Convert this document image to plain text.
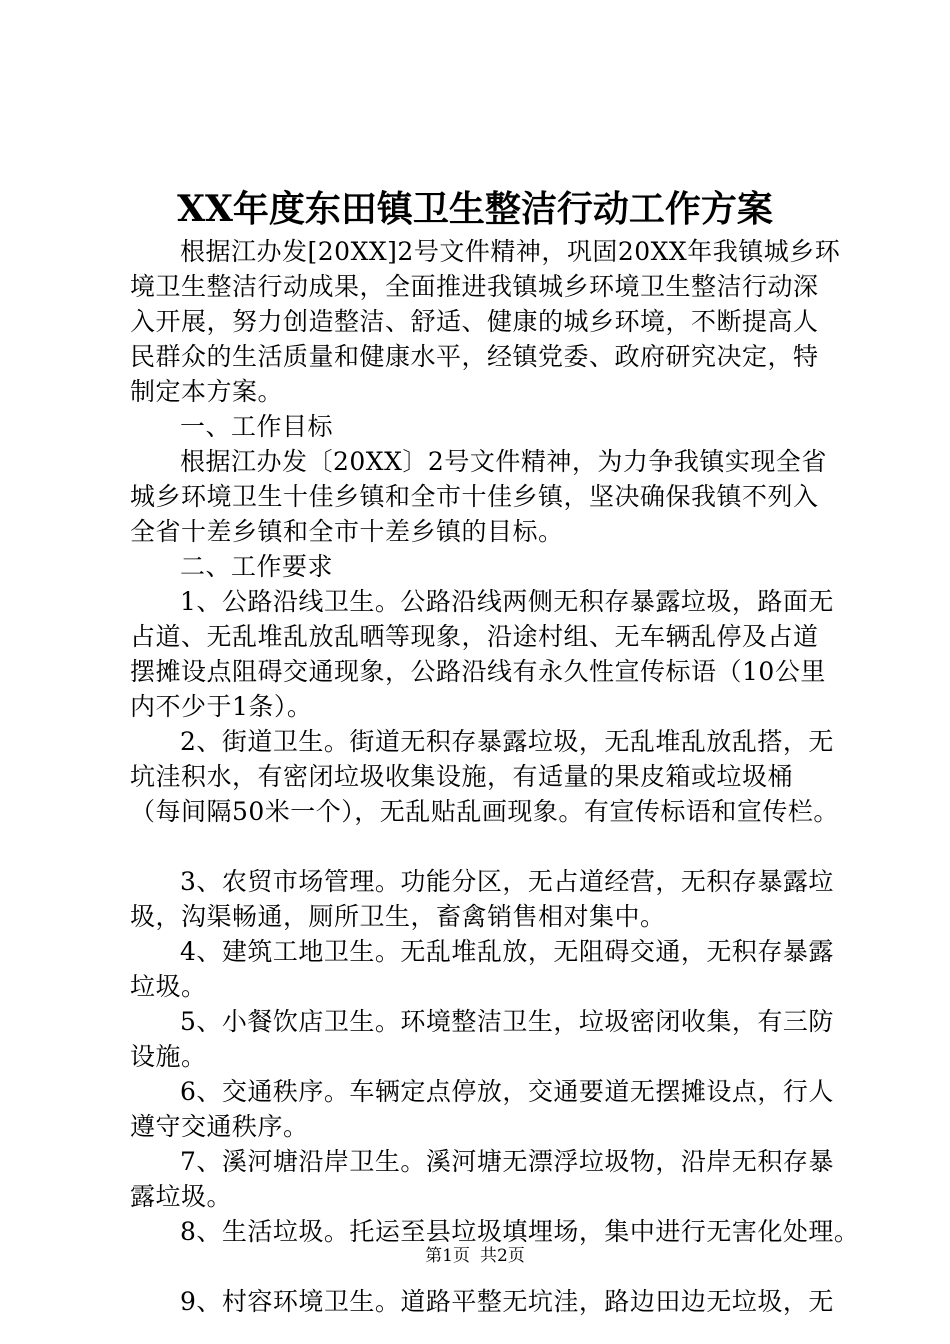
XX年度东田镇卫生整洁行动工作方案
根据江办发[20XX]2号文件精神，巩固20XX年我镇城乡环
境卫生整洁行动成果，全面推进我镇城乡环境卫生整洁行动深
入开展，努力创造整洁、舒适、健康的城乡环境，不断提高人
民群众的生活质量和健康水平，经镇党委、政府研究决定，特
制定本方案。
一、工作目标
根据江办发〔20XX〕2号文件精神，为力争我镇实现全省
城乡环境卫生十佳乡镇和全市十佳乡镇，坚决确保我镇不列入
全省十差乡镇和全市十差乡镇的目标。
二、工作要求
1、公路沿线卫生。公路沿线两侧无积存暴露垃圾，路面无
占道、无乱堆乱放乱晒等现象，沿途村组、无车辆乱停及占道
摆摊设点阻碍交通现象，公路沿线有永久性宣传标语（10公里
内不少于1条）。
2、街道卫生。街道无积存暴露垃圾，无乱堆乱放乱搭，无
坑洼积水，有密闭垃圾收集设施，有适量的果皮箱或垃圾桶
（每间隔50米一个），无乱贴乱画现象。有宣传标语和宣传栏。
3、农贸市场管理。功能分区，无占道经营，无积存暴露垃
圾，沟渠畅通，厕所卫生，畜禽销售相对集中。
4、建筑工地卫生。无乱堆乱放，无阻碍交通，无积存暴露
垃圾。
5、小餐饮店卫生。环境整洁卫生，垃圾密闭收集，有三防
设施。
6、交通秩序。车辆定点停放，交通要道无摆摊设点，行人
遵守交通秩序。
7、溪河塘沿岸卫生。溪河塘无漂浮垃圾物，沿岸无积存暴
露垃圾。
8、生活垃圾。托运至县垃圾填埋场，集中进行无害化处理。
9、村容环境卫生。道路平整无坑洼，路边田边无垃圾，无
第1页 共2页
